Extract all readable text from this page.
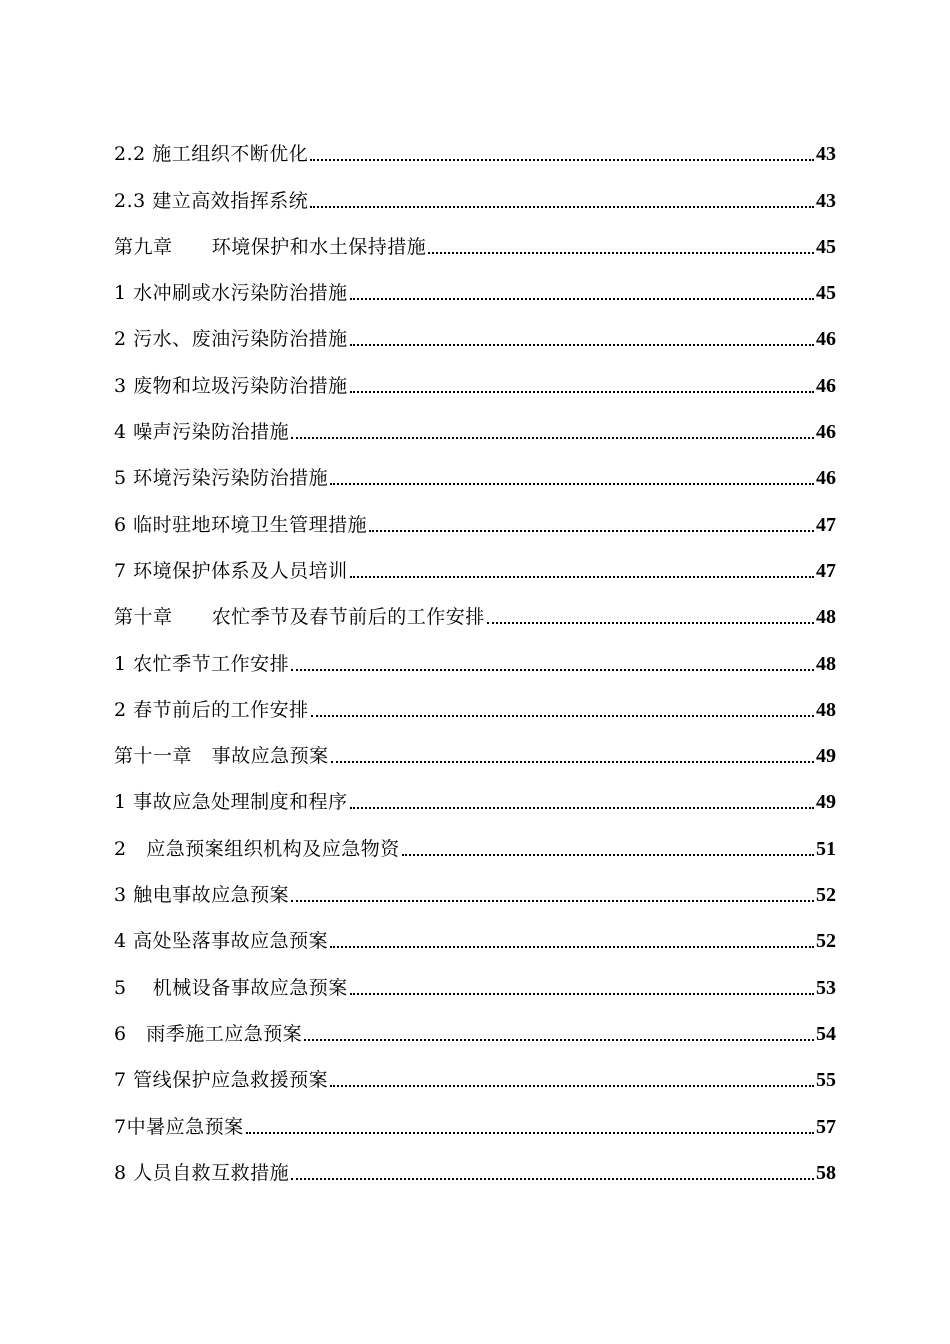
2.2 施工组织不断优化	43
2.3 建立高效指挥系统	43
第九章      环境保护和水土保持措施	45
1 水冲刷或水污染防治措施	45
2 污水、废油污染防治措施	46
3 废物和垃圾污染防治措施	46
4 噪声污染防治措施	46
5 环境污染污染防治措施	46
6 临时驻地环境卫生管理措施	47
7 环境保护体系及人员培训	47
第十章      农忙季节及春节前后的工作安排	48
1 农忙季节工作安排	48
2 春节前后的工作安排	48
第十一章   事故应急预案	49
1 事故应急处理制度和程序	49
2   应急预案组织机构及应急物资	51
3 触电事故应急预案	52
4 高处坠落事故应急预案	52
5    机械设备事故应急预案	53
6   雨季施工应急预案	54
7 管线保护应急救援预案	55
7中暑应急预案	57
8 人员自救互救措施	58
